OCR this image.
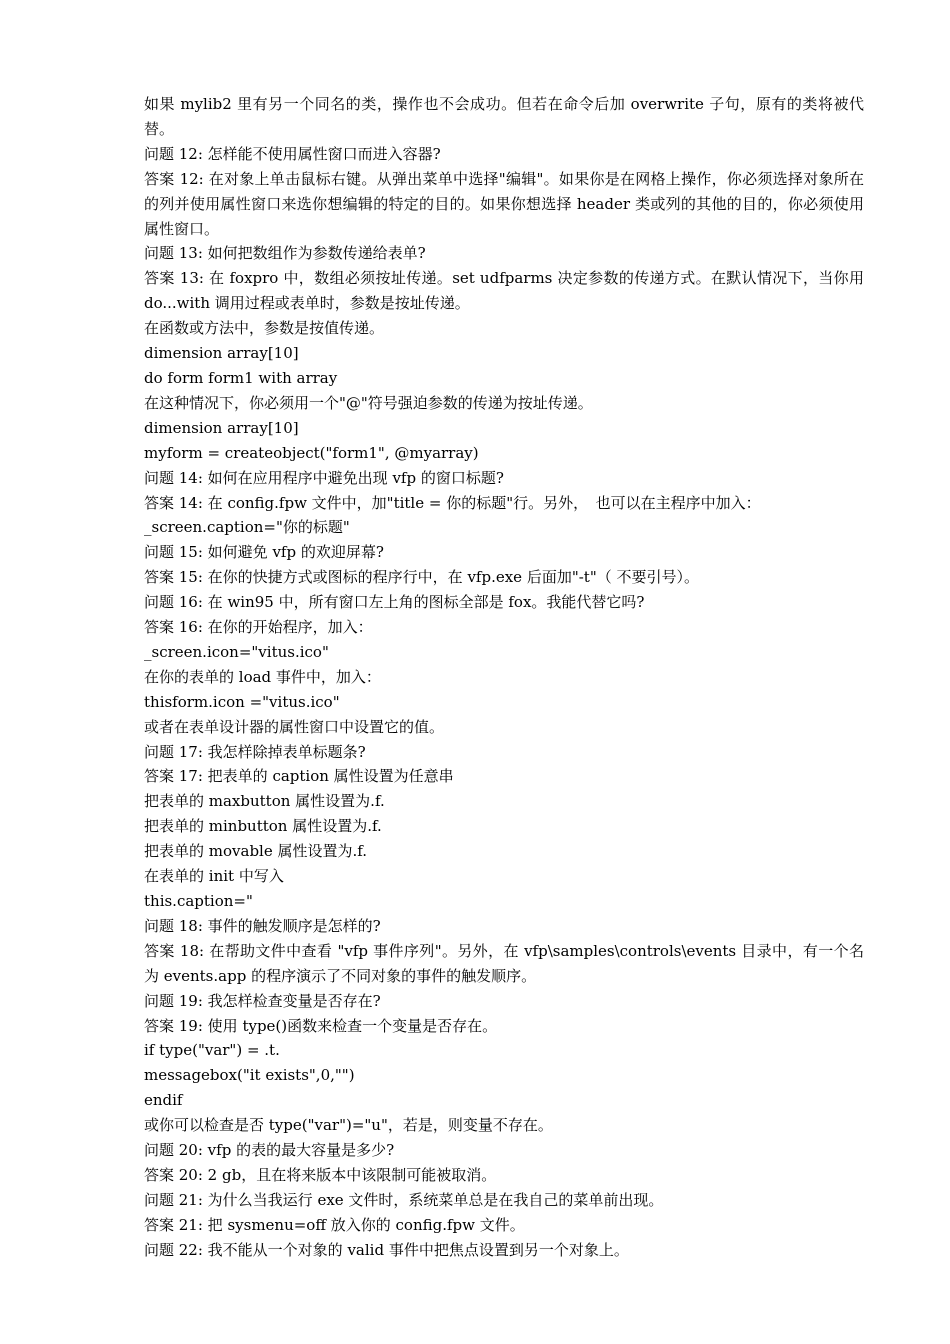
如果 mylib2 里有另一个同名的类，操作也不会成功。但若在命令后加 overwrite 子句，原有的类将被代替。

问题 12: 怎样能不使用属性窗口而进入容器?

答案 12: 在对象上单击鼠标右键。从弹出菜单中选择"编辑"。如果你是在网格上操作，你必须选择对象所在的列并使用属性窗口来选你想编辑的特定的目的。如果你想选择 header 类或列的其他的目的，你必须使用属性窗口。

问题 13: 如何把数组作为参数传递给表单?

答案 13: 在 foxpro 中，数组必须按址传递。set udfparms 决定参数的传递方式。在默认情况下，当你用 do...with 调用过程或表单时，参数是按址传递。

在函数或方法中，参数是按值传递。

dimension array[10]

do form form1 with array

在这种情况下，你必须用一个"@"符号强迫参数的传递为按址传递。

dimension array[10]

myform = createobject("form1", @myarray)

问题 14: 如何在应用程序中避免出现 vfp 的窗口标题?

答案 14: 在 config.fpw 文件中，加"title = 你的标题"行。另外，　也可以在主程序中加入：

_screen.caption="你的标题"

问题 15: 如何避免 vfp 的欢迎屏幕?

答案 15: 在你的快捷方式或图标的程序行中，在 vfp.exe 后面加"-t"（ 不要引号）。

问题 16: 在 win95 中，所有窗口左上角的图标全部是 fox。我能代替它吗?

答案 16: 在你的开始程序，加入：

_screen.icon="vitus.ico"

在你的表单的 load 事件中，加入：

thisform.icon ="vitus.ico"

或者在表单设计器的属性窗口中设置它的值。

问题 17: 我怎样除掉表单标题条?

答案 17: 把表单的 caption 属性设置为任意串

把表单的 maxbutton 属性设置为.f.

把表单的 minbutton 属性设置为.f.

把表单的 movable 属性设置为.f.

在表单的 init 中写入

this.caption="

问题 18: 事件的触发顺序是怎样的?

答案 18: 在帮助文件中查看 "vfp 事件序列"。另外，在 vfp\samples\controls\events 目录中，有一个名为 events.app 的程序演示了不同对象的事件的触发顺序。

问题 19: 我怎样检查变量是否存在?

答案 19: 使用 type()函数来检查一个变量是否存在。

if type("var") = .t.

messagebox("it exists",0,"")

endif

或你可以检查是否 type("var")="u"，若是，则变量不存在。

问题 20: vfp 的表的最大容量是多少?

答案 20: 2 gb，且在将来版本中该限制可能被取消。

问题 21: 为什么当我运行 exe 文件时，系统菜单总是在我自己的菜单前出现。

答案 21: 把 sysmenu=off 放入你的 config.fpw 文件。

问题 22: 我不能从一个对象的 valid 事件中把焦点设置到另一个对象上。
